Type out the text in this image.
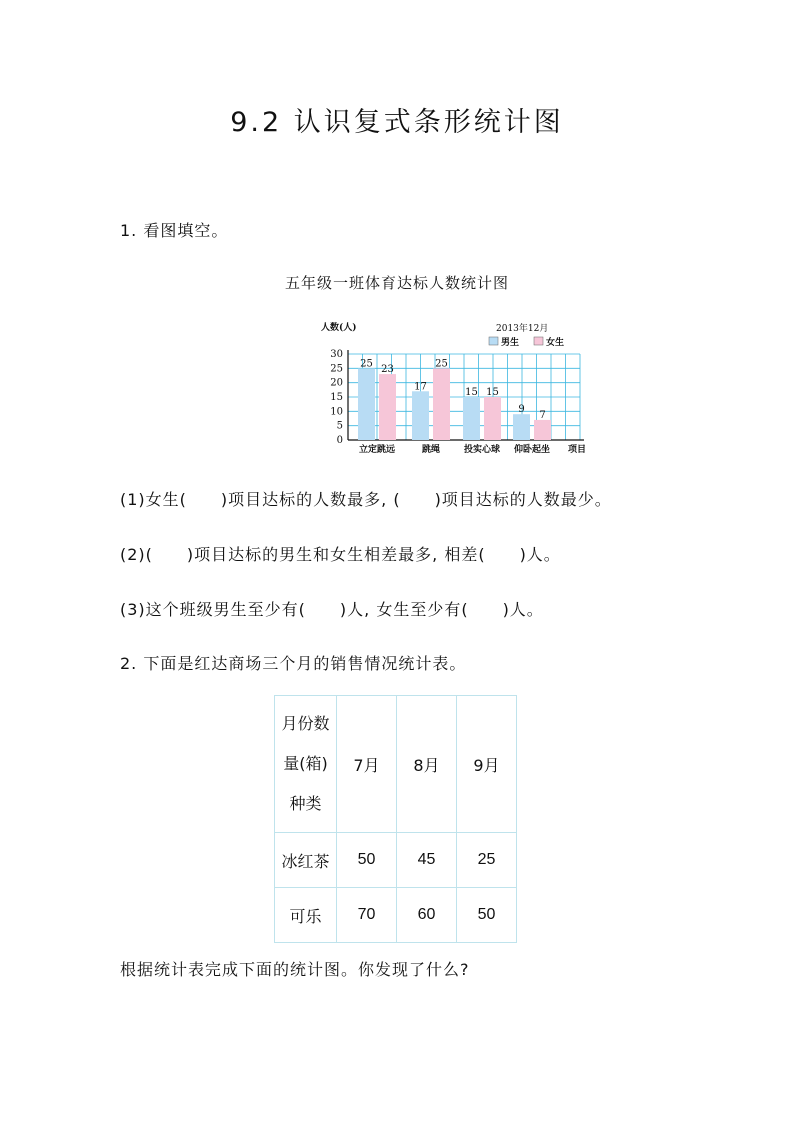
9.2 认识复式条形统计图
1. 看图填空。
五年级一班体育达标人数统计图
0
5
10
15
20
25
30
人数(人)
项目
2013年12月
男生	女生
25
23
立定跳远
17
25
跳绳
15 15
投实心球
9
7
仰卧起坐
(1)女生(　　)项目达标的人数最多, (　　)项目达标的人数最少。
(2)(　　)项目达标的男生和女生相差最多, 相差(　　)人。
(3)这个班级男生至少有(　　)人, 女生至少有(　　)人。
2. 下面是红达商场三个月的销售情况统计表。
月份数
量(箱)
种类	7月	8月	9月
冰红茶	50	45	25
可乐	70	60	50
根据统计表完成下面的统计图。你发现了什么?
